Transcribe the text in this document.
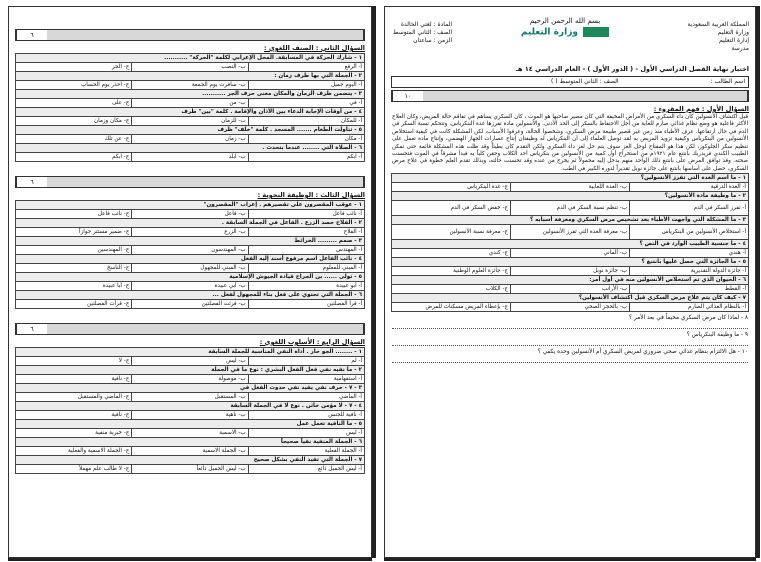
المملكة العربية السعودية
وزارة التعليم
إدارة التعليم
مدرسة
بسم الله الرحمن الرحيم
وزارة التعليم
المادة : لغتي الخالدة
الصف : الثاني المتوسط
الزمن : ساعتان
اختبار نهاية الفصل الدراسي الأول - ( الدور الأول ) - العام الدراسي ١٤ هـ
اسم الطالب : الصف : الثاني المتوسط ( )
١٠
السؤال الأول : فهم المقروء :
قبل اكتشاف الأنسولين كان داء السكري من الأمراض المخيفة التي كان مصير صاحبها هو الموت ، كان السكري يساهم في تفاقم حالة المريض، وكان العلاج الأكثر فاعلية هو وضع نظام غذائي صارم للغاية من أجل الاحتفاظ بالسكر إلى الحد الأدنى. والأنسولين مادة تفرزها غدة البنكرياس، وتتحكم نسبة السكر في الدم في حال ارتفاعها. عرف الأطباء منذ زمن غير قصير طبيعة مرض السكري، وشخصوا الحالة، وعرفوا الأسباب، لكن المشكلة كانت في كيفية استخلاص الأنسولين من البنكرياس وكيفية تزويد المريض به لقد توصل العلماء إلى أن البنكرياس له وظيفتان إنتاج عصارات الجهاز الهضمي، وإنتاج مادة تعمل على تنظيم سكر الجلوكوز، لكن هذا هو المفتاح لوحل الغز سوف يتم حل لغز داء السكري ولكن التقدم كان بطيئاً وقد ظلت هذه المشكلة قائمة حتى تمكن الطبيب الكندي فريدريك بانتنغ عام ١٩٢١م من استخراج أول كمية من الأنسولين من بنكرياس أحد الكلاب وحقن كلباً به فبدأ مشرقاً في الموت فتحسنت صحته. وقد توافق المرض على بانتنغ ذلك الواحد منهم بدخل إليه محمولاً ثم يخرج من عنده وقد تحسنت حالته، وبذلك تقدم العلم خطوة في علاج مرض السكري، حصل على أساسها بانتنغ على جائزة نوبل تقديراً لدوره الكبير في الطب.
١ - ما اسم الغدة التي تفرز الأنسولين؟		
أ- الغدة الدرقية	ب- الغدة اللعابية	ج- غدة البنكرياس
٢ - ما وظيفة مادة الأنسولين؟		
أ- تفرز السكر في الدم	ب- تنظم نسبة السكر في الدم	ج- خفض السكر في الدم
٣ - ما المشكلة التي واجهت الأطباء بعد تشخيص مرض السكري ومعرفة أسبابه ؟		
أ- استخلاص الأنسولين من البنكرياس	ب- معرفة الغدة التي تفرز الأنسولين	ج- معرفة نسبة الأنسولين
٤ - ما جنسية الطبيب الوارد في النص ؟		
أ- هندي	ب- ألماني	ج- كندي
٥ - ما الجائزة التي حصل عليها بانتنغ ؟		
أ- جائزة الدولة التقديرية	ب- جائزة نوبل	ج- جائزة العلوم الوطنية
٦ - الحيوان الذي تم استخلاص الأنسولين منه في أول أمر:		
أ- القطط	ب- الأرانب	ج- الكلاب
٧ - كيف كان يتم علاج مرض السكري قبل اكتشاف الأنسولين؟		
أ- بالنظام الغذائي الصارم	ب- بالحجر الصحي	ج- بإعطاء المريض مسكنات للمرض
٨ - لماذا كان مرض السكري مخيفاً في بعد الأمر ؟
٩ - ما وظيفة البنكرياس ؟
١٠ - هل الالتزام بنظام غذائي صحي ضروري لمريض السكري أم الأنسولين وحده يكفي ؟
٦
السؤال الثاني : الصنف اللغوي :
١ - شارك الحركة في المسابقة. المحل الإعرابي لكلمة "الحركة" ...........		
أ- الرفع	ب- النصب	ج- الجر
٢ - الجملة التي بها ظرف زمان :		
أ- اليوم جميل	ب- سافرت يوم الجمعة	ج- احذر يوم الحساب
٣ - يتضمن ظرف الزمان والمكان معنى حرف الجر ...........		
أ- في	ب- من	ج- على
٤ - من أوقات الإجابة الدعاء بين الأذان والإقامة . كلمة "بين" ظرف		
أ- للمكان	ب- للزمان	ج- مكان وزمان
٥ - تناولت الطعام ....... المسجد . كلمة "خلف" ظرف		
أ- مكان	ب- زمان	ج- عن تلك
٦ - الصلاة التي ........ عندما بتحدث .		
أ- ابكم	ب- ابلد	ج- ابكم
٦
السؤال الثالث : الوظيفة النحوية :
١ - عوقب المقصرون على تقصيرهم . إعراب "المقصرون"		
أ- نائب فاعل	ب- فاعل	ج- نائب فاعل
٢ - الفلاح حصد الزرع . الفاعل في الجملة السابقة .		
أ- الفلاح	ب- الزرع	ج- ضمير مستتر جوازاً
٣ - صمم ......... الخرائط		
أ- المهندس	ب- المهندسون	ج- المهندسين
٤ - نائب الفاعل اسم مرفوع أسند إليه الفعل		
أ- المبني للمعلوم	ب- المبني للمجهول	ج- الناسخ
٥ - تولى ...... بن الجراح قيادة الجيوش الإسلامية		
أ- أبو عبيدة	ب- أبي عبيدة	ج- أبا عبيدة
٦ - الجملة التي تحتوي على فعل بناء للمجهول لفعل ...		
أ- قرأ الفصلتين	ب- قرئت الفصلتين	ج- قرأت الفصلتين
٦
السؤال الرابع : الأسلوب اللغوي :
١ - ........ الجو حار . أداة النفي المناسبة للجملة السابقة		
أ- لم	ب- ليس	ج- لا
٢ - ما نفيه نفي فعل الفعل البشري : نوع ما في الجملة		
أ- استفهامية	ب- موصولة	ج- نافية
٣ - ٧ - حرف نفي يفيد نفي حدوث الفعل في		
أ- الماضي	ب- المستقبل	ج- الماضي والمستقبل
٤ - ٧ - لا مؤمن خائن . نوع لا في الجملة السابقة		
أ- نافية للجنس	ب- ناهية	ج- نافية
٥ - ما النافية تعمل عمل		
أ- ليس	ب- الاسمية	ج- خبرية منفية
٦ - الجملة المنفية نفياً صحيحاً		
أ- الجملة الفعلية	ب- الجملة الاسمية	ج- الجملة الاسمية والفعلية
٧ - الجملة التي تفيد النفي بشكل صحيح		
أ- ليس الجميل ذائع	ب- ليس الجميل ذائعاً	ج- لا طالب علم مهملاً
